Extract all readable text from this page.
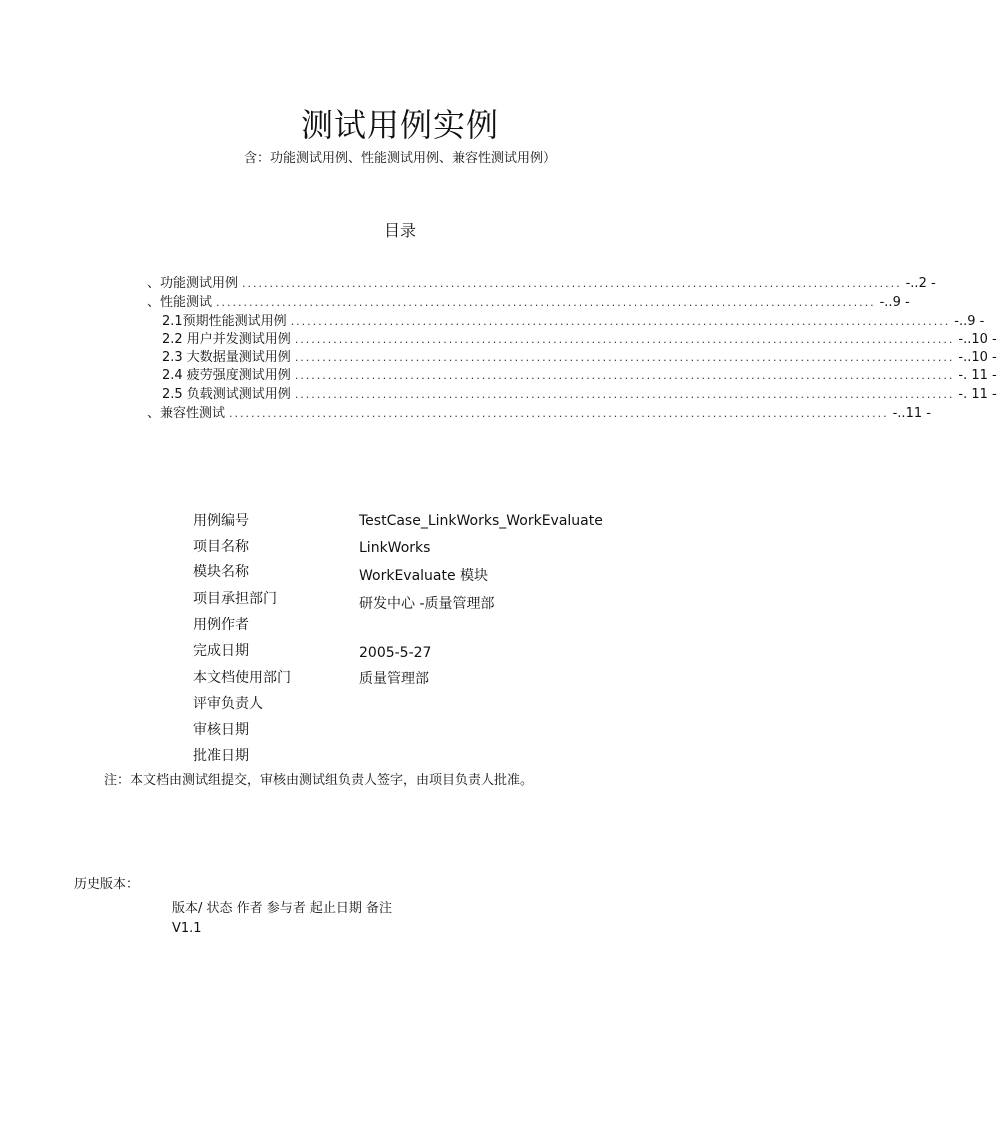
测试用例实例
含：功能测试用例、性能测试用例、兼容性测试用例）
目录
、功能测试用例 ........................................................................................................................ -..2 -
、性能测试 ........................................................................................................................ -..9 -
2.1预期性能测试用例 ........................................................................................................................ -..9 -
2.2 用户并发测试用例 ........................................................................................................................ -..10 -
2.3 大数据量测试用例 ........................................................................................................................ -..10 -
2.4 疲劳强度测试用例 ........................................................................................................................ -. 11 -
2.5 负载测试测试用例 ........................................................................................................................ -. 11 -
、兼容性测试 ........................................................................................................................ -..11 -
用例编号	TestCase_LinkWorks_WorkEvaluate
项目名称	LinkWorks
模块名称	WorkEvaluate 模块
项目承担部门	研发中心 -质量管理部
用例作者
完成日期	2005-5-27
本文档使用部门	质量管理部
评审负责人
审核日期
批准日期
注：本文档由测试组提交，审核由测试组负责人签字，由项目负责人批准。
历史版本：
版本/ 状态 作者 参与者 起止日期 备注
V1.1
